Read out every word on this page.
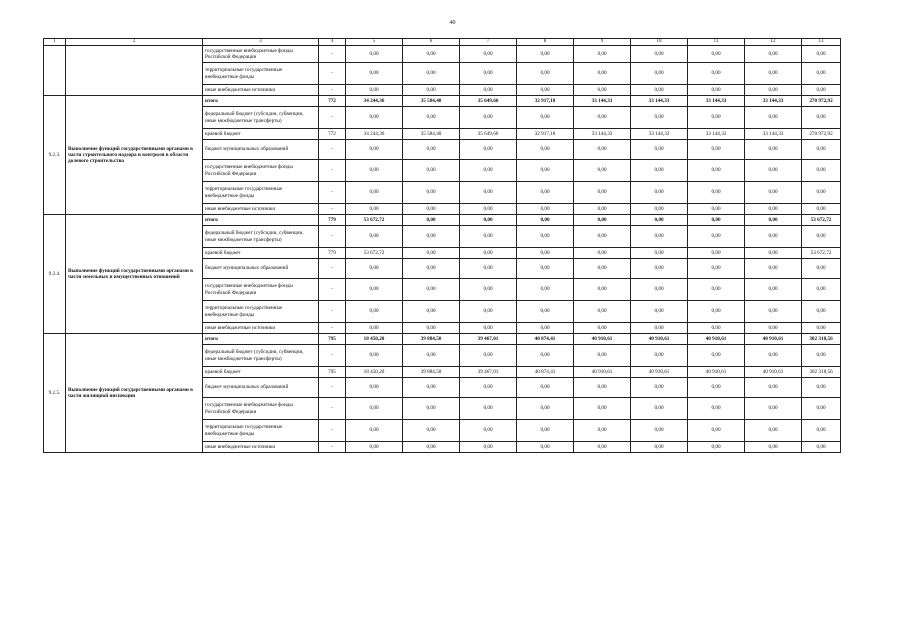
40
1	2	3	4	5	6	7	8	9	10	11	12	13
		государственные внебюджетные фонды Российской Федерации	-	0,00	0,00	0,00	0,00	0,00	0,00	0,00	0,00	0,00
		территориальные государственные внебюджетные фонды	-	0,00	0,00	0,00	0,00	0,00	0,00	0,00	0,00	0,00
		иные внебюджетные источники	-	0,00	0,00	0,00	0,00	0,00	0,00	0,00	0,00	0,00
9.2.3.	Выполнение функций государственными органами в части строительного надзора и контроля в области долевого строительства	итого	772	34 244,36	35 584,40	35 649,66	32 917,18	33 144,33	33 144,33	33 144,33	33 144,33	270 972,92
		федеральный бюджет (субсидии, субвенции, иные межбюджетные трансферты)	-	0,00	0,00	0,00	0,00	0,00	0,00	0,00	0,00	0,00
		краевой бюджет	772	34 244,36	35 584,40	35 649,66	32 917,18	33 144,33	33 144,33	33 144,33	33 144,33	270 972,92
		бюджет муниципальных образований	-	0,00	0,00	0,00	0,00	0,00	0,00	0,00	0,00	0,00
		государственные внебюджетные фонды Российской Федерации	-	0,00	0,00	0,00	0,00	0,00	0,00	0,00	0,00	0,00
		территориальные государственные внебюджетные фонды	-	0,00	0,00	0,00	0,00	0,00	0,00	0,00	0,00	0,00
		иные внебюджетные источники	-	0,00	0,00	0,00	0,00	0,00	0,00	0,00	0,00	0,00
9.2.4.	Выполнение функций государственными органами в части земельных и имущественных отношений	итого	779	53 672,72	0,00	0,00	0,00	0,00	0,00	0,00	0,00	53 672,72
		федеральный бюджет (субсидии, субвенции, иные межбюджетные трансферты)	-	0,00	0,00	0,00	0,00	0,00	0,00	0,00	0,00	0,00
		краевой бюджет	779	53 672,72	0,00	0,00	0,00	0,00	0,00	0,00	0,00	53 672,72
		бюджет муниципальных образований	-	0,00	0,00	0,00	0,00	0,00	0,00	0,00	0,00	0,00
		государственные внебюджетные фонды Российской Федерации	-	0,00	0,00	0,00	0,00	0,00	0,00	0,00	0,00	0,00
		территориальные государственные внебюджетные фонды	-	0,00	0,00	0,00	0,00	0,00	0,00	0,00	0,00	0,00
		иные внебюджетные источники	-	0,00	0,00	0,00	0,00	0,00	0,00	0,00	0,00	0,00
9.2.5.	Выполнение функций государственными органами в части жилищной инспекции	итого	795	18 450,20	39 884,50	39 467,01	40 874,41	40 910,61	40 910,61	40 910,61	40 910,61	302 318,56
		федеральный бюджет (субсидии, субвенции, иные межбюджетные трансферты)	-	0,00	0,00	0,00	0,00	0,00	0,00	0,00	0,00	0,00
		краевой бюджет	795	18 450,20	39 884,50	39 467,01	40 874,41	40 910,61	40 910,61	40 910,61	40 910,61	302 318,56
		бюджет муниципальных образований	-	0,00	0,00	0,00	0,00	0,00	0,00	0,00	0,00	0,00
		государственные внебюджетные фонды Российской Федерации	-	0,00	0,00	0,00	0,00	0,00	0,00	0,00	0,00	0,00
		территориальные государственные внебюджетные фонды	-	0,00	0,00	0,00	0,00	0,00	0,00	0,00	0,00	0,00
		иные внебюджетные источники	-	0,00	0,00	0,00	0,00	0,00	0,00	0,00	0,00	0,00
